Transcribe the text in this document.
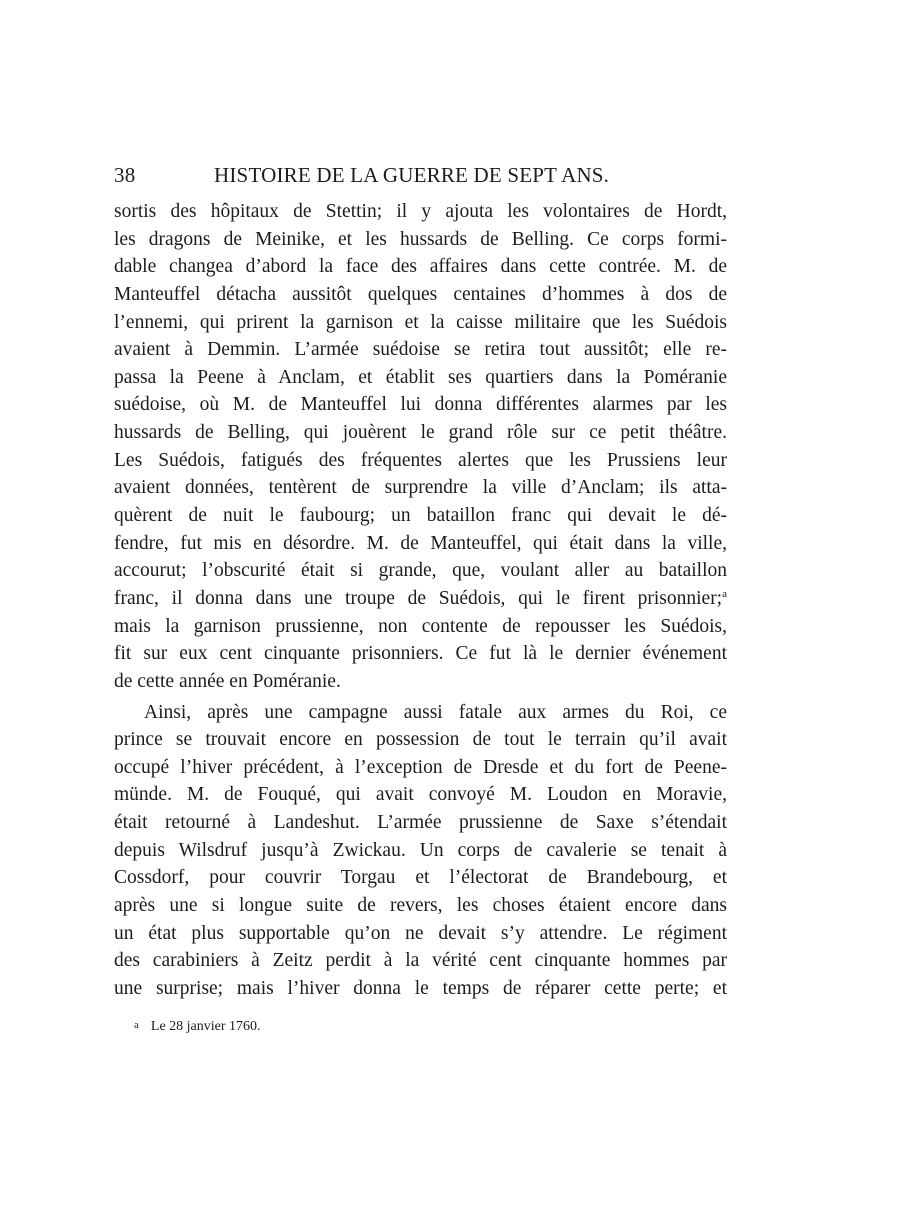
38	HISTOIRE DE LA GUERRE DE SEPT ANS.
sortis des hôpitaux de Stettin; il y ajouta les volontaires de Hordt,
les dragons de Meinike, et les hussards de Belling. Ce corps formi-
dable changea d’abord la face des affaires dans cette contrée. M. de
Manteuffel détacha aussitôt quelques centaines d’hommes à dos de
l’ennemi, qui prirent la garnison et la caisse militaire que les Suédois
avaient à Demmin. L’armée suédoise se retira tout aussitôt; elle re-
passa la Peene à Anclam, et établit ses quartiers dans la Poméranie
suédoise, où M. de Manteuffel lui donna différentes alarmes par les
hussards de Belling, qui jouèrent le grand rôle sur ce petit théâtre.
Les Suédois, fatigués des fréquentes alertes que les Prussiens leur
avaient données, tentèrent de surprendre la ville d’Anclam; ils atta-
quèrent de nuit le faubourg; un bataillon franc qui devait le dé-
fendre, fut mis en désordre. M. de Manteuffel, qui était dans la ville,
accourut; l’obscurité était si grande, que, voulant aller au bataillon
franc, il donna dans une troupe de Suédois, qui le firent prisonnier;$^a$
mais la garnison prussienne, non contente de repousser les Suédois,
fit sur eux cent cinquante prisonniers. Ce fut là le dernier événement
de cette année en Poméranie.
Ainsi, après une campagne aussi fatale aux armes du Roi, ce
prince se trouvait encore en possession de tout le terrain qu’il avait
occupé l’hiver précédent, à l’exception de Dresde et du fort de Peene-
münde. M. de Fouqué, qui avait convoyé M. Loudon en Moravie,
était retourné à Landeshut. L’armée prussienne de Saxe s’étendait
depuis Wilsdruf jusqu’à Zwickau. Un corps de cavalerie se tenait à
Cossdorf, pour couvrir Torgau et l’électorat de Brandebourg, et
après une si longue suite de revers, les choses étaient encore dans
un état plus supportable qu’on ne devait s’y attendre. Le régiment
des carabiniers à Zeitz perdit à la vérité cent cinquante hommes par
une surprise; mais l’hiver donna le temps de réparer cette perte; et
a Le 28 janvier 1760.
